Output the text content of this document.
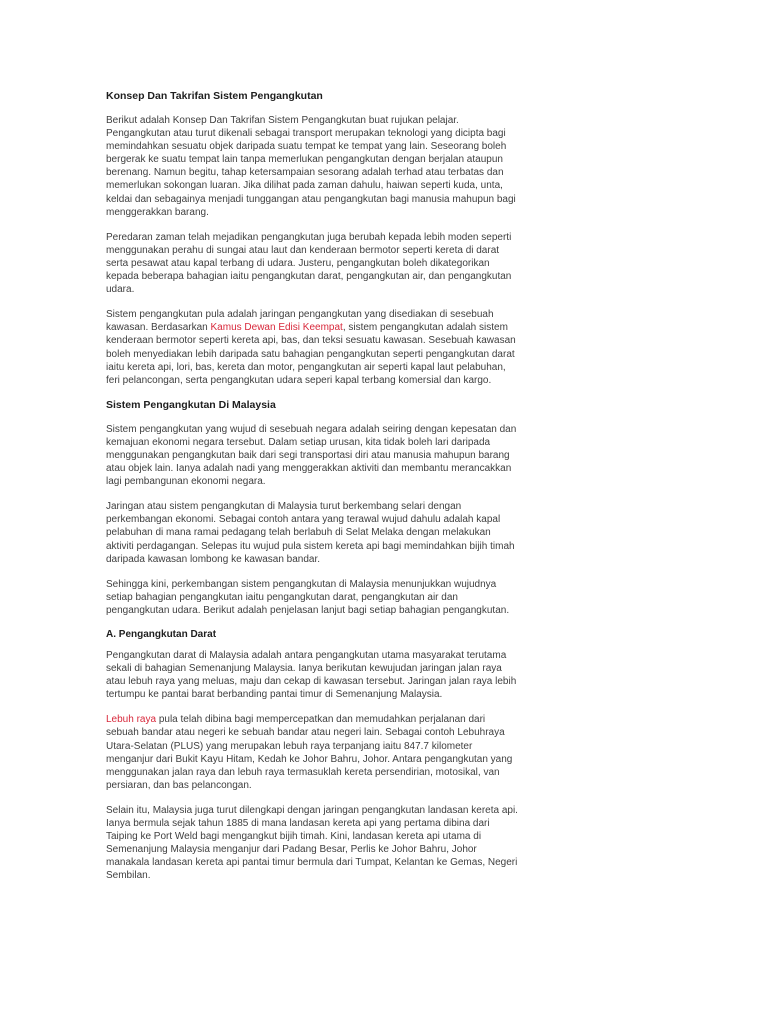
Konsep Dan Takrifan Sistem Pengangkutan

Berikut adalah Konsep Dan Takrifan Sistem Pengangkutan buat rujukan pelajar. Pengangkutan atau turut dikenali sebagai transport merupakan teknologi yang dicipta bagi memindahkan sesuatu objek daripada suatu tempat ke tempat yang lain. Seseorang boleh bergerak ke suatu tempat lain tanpa memerlukan pengangkutan dengan berjalan ataupun berenang. Namun begitu, tahap ketersampaian sesorang adalah terhad atau terbatas dan memerlukan sokongan luaran. Jika dilihat pada zaman dahulu, haiwan seperti kuda, unta, keldai dan sebagainya menjadi tunggangan atau pengangkutan bagi manusia mahupun bagi menggerakkan barang.

Peredaran zaman telah mejadikan pengangkutan juga berubah kepada lebih moden seperti menggunakan perahu di sungai atau laut dan kenderaan bermotor seperti kereta di darat serta pesawat atau kapal terbang di udara. Justeru, pengangkutan boleh dikategorikan kepada beberapa bahagian iaitu pengangkutan darat, pengangkutan air, dan pengangkutan udara.

Sistem pengangkutan pula adalah jaringan pengangkutan yang disediakan di sesebuah kawasan. Berdasarkan Kamus Dewan Edisi Keempat, sistem pengangkutan adalah sistem kenderaan bermotor seperti kereta api, bas, dan teksi sesuatu kawasan. Sesebuah kawasan boleh menyediakan lebih daripada satu bahagian pengangkutan seperti pengangkutan darat iaitu kereta api, lori, bas, kereta dan motor, pengangkutan air seperti kapal laut pelabuhan, feri pelancongan, serta pengangkutan udara seperi kapal terbang komersial dan kargo.

Sistem Pengangkutan Di Malaysia

Sistem pengangkutan yang wujud di sesebuah negara adalah seiring dengan kepesatan dan kemajuan ekonomi negara tersebut. Dalam setiap urusan, kita tidak boleh lari daripada menggunakan pengangkutan baik dari segi transportasi diri atau manusia mahupun barang atau objek lain. Ianya adalah nadi yang menggerakkan aktiviti dan membantu merancakkan lagi pembangunan ekonomi negara.

Jaringan atau sistem pengangkutan di Malaysia turut berkembang selari dengan perkembangan ekonomi. Sebagai contoh antara yang terawal wujud dahulu adalah kapal pelabuhan di mana ramai pedagang telah berlabuh di Selat Melaka dengan melakukan aktiviti perdagangan. Selepas itu wujud pula sistem kereta api bagi memindahkan bijih timah daripada kawasan lombong ke kawasan bandar.

Sehingga kini, perkembangan sistem pengangkutan di Malaysia menunjukkan wujudnya setiap bahagian pengangkutan iaitu pengangkutan darat, pengangkutan air dan pengangkutan udara. Berikut adalah penjelasan lanjut bagi setiap bahagian pengangkutan.

A. Pengangkutan Darat

Pengangkutan darat di Malaysia adalah antara pengangkutan utama masyarakat terutama sekali di bahagian Semenanjung Malaysia. Ianya berikutan kewujudan jaringan jalan raya atau lebuh raya yang meluas, maju dan cekap di kawasan tersebut. Jaringan jalan raya lebih tertumpu ke pantai barat berbanding pantai timur di Semenanjung Malaysia.

Lebuh raya pula telah dibina bagi mempercepatkan dan memudahkan perjalanan dari sebuah bandar atau negeri ke sebuah bandar atau negeri lain. Sebagai contoh Lebuhraya Utara-Selatan (PLUS) yang merupakan lebuh raya terpanjang iaitu 847.7 kilometer menganjur dari Bukit Kayu Hitam, Kedah ke Johor Bahru, Johor. Antara pengangkutan yang menggunakan jalan raya dan lebuh raya termasuklah kereta persendirian, motosikal, van persiaran, dan bas pelancongan.

Selain itu, Malaysia juga turut dilengkapi dengan jaringan pengangkutan landasan kereta api. Ianya bermula sejak tahun 1885 di mana landasan kereta api yang pertama dibina dari Taiping ke Port Weld bagi mengangkut bijih timah. Kini, landasan kereta api utama di Semenanjung Malaysia menganjur dari Padang Besar, Perlis ke Johor Bahru, Johor manakala landasan kereta api pantai timur bermula dari Tumpat, Kelantan ke Gemas, Negeri Sembilan.
